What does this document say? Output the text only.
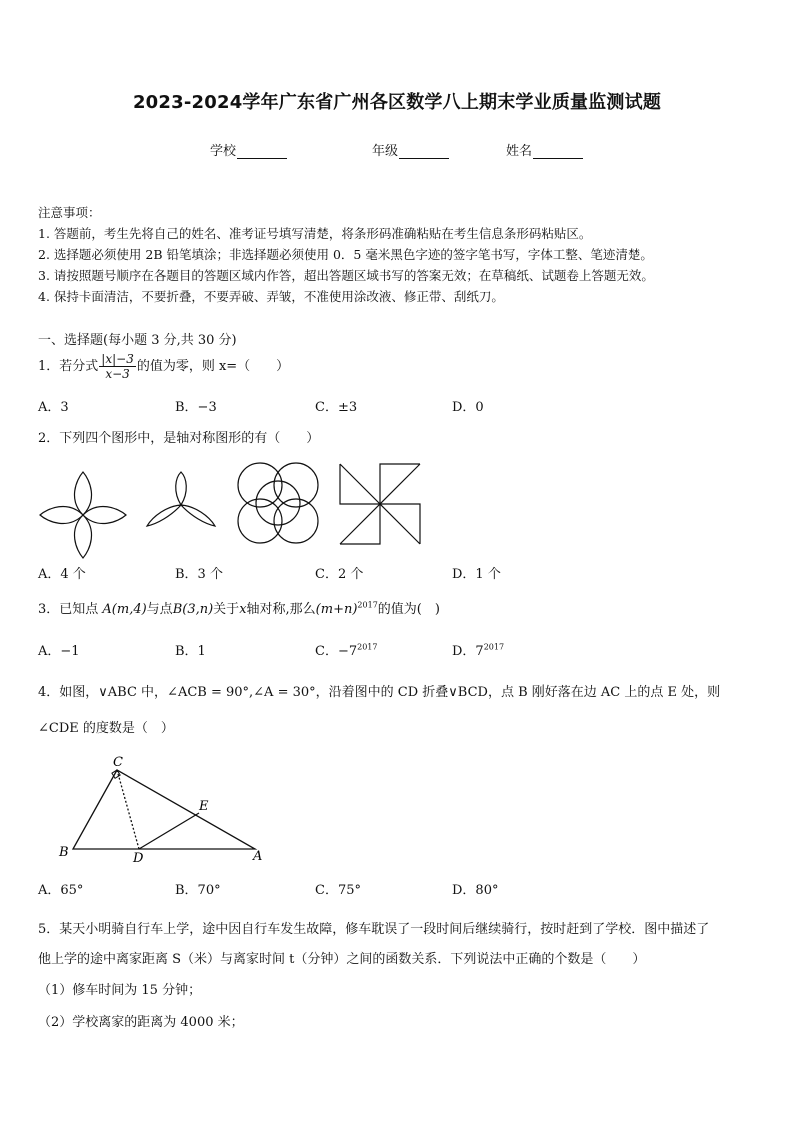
2023-2024学年广东省广州各区数学八上期末学业质量监测试题
学校	年级	姓名
注意事项：
1. 答题前，考生先将自己的姓名、准考证号填写清楚，将条形码准确粘贴在考生信息条形码粘贴区。
2. 选择题必须使用 2B 铅笔填涂；非选择题必须使用 0．5 毫米黑色字迹的签字笔书写，字体工整、笔迹清楚。
3. 请按照题号顺序在各题目的答题区域内作答，超出答题区域书写的答案无效；在草稿纸、试题卷上答题无效。
4. 保持卡面清洁，不要折叠，不要弄破、弄皱，不准使用涂改液、修正带、刮纸刀。
一、选择题(每小题 3 分,共 30 分)
1．若分式 $\frac{|x|-3}{x-3}$ 的值为零，则 x=（　　）
A．3	B．−3	C．±3	D．0
2．下列四个图形中，是轴对称图形的有（　　）
A．4 个	B．3 个	C．2 个	D．1 个
3．已知点 A(m,4)与点B(3,n)关于x轴对称,那么$(m+n)^{2017}$的值为(　)
A．−1	B．1	C．$-7^{2017}$	D．$7^{2017}$
4．如图，∨ABC 中，∠ACB = 90°,∠A = 30°，沿着图中的 CD 折叠∨BCD，点 B 刚好落在边 AC 上的点 E 处，则
∠CDE 的度数是（　）
C
E
B	D	A
A．65°	B．70°	C．75°	D．80°
5．某天小明骑自行车上学，途中因自行车发生故障，修车耽误了一段时间后继续骑行，按时赶到了学校．图中描述了
他上学的途中离家距离 S（米）与离家时间 t（分钟）之间的函数关系．下列说法中正确的个数是（　　）
（1）修车时间为 15 分钟；
（2）学校离家的距离为 4000 米；
